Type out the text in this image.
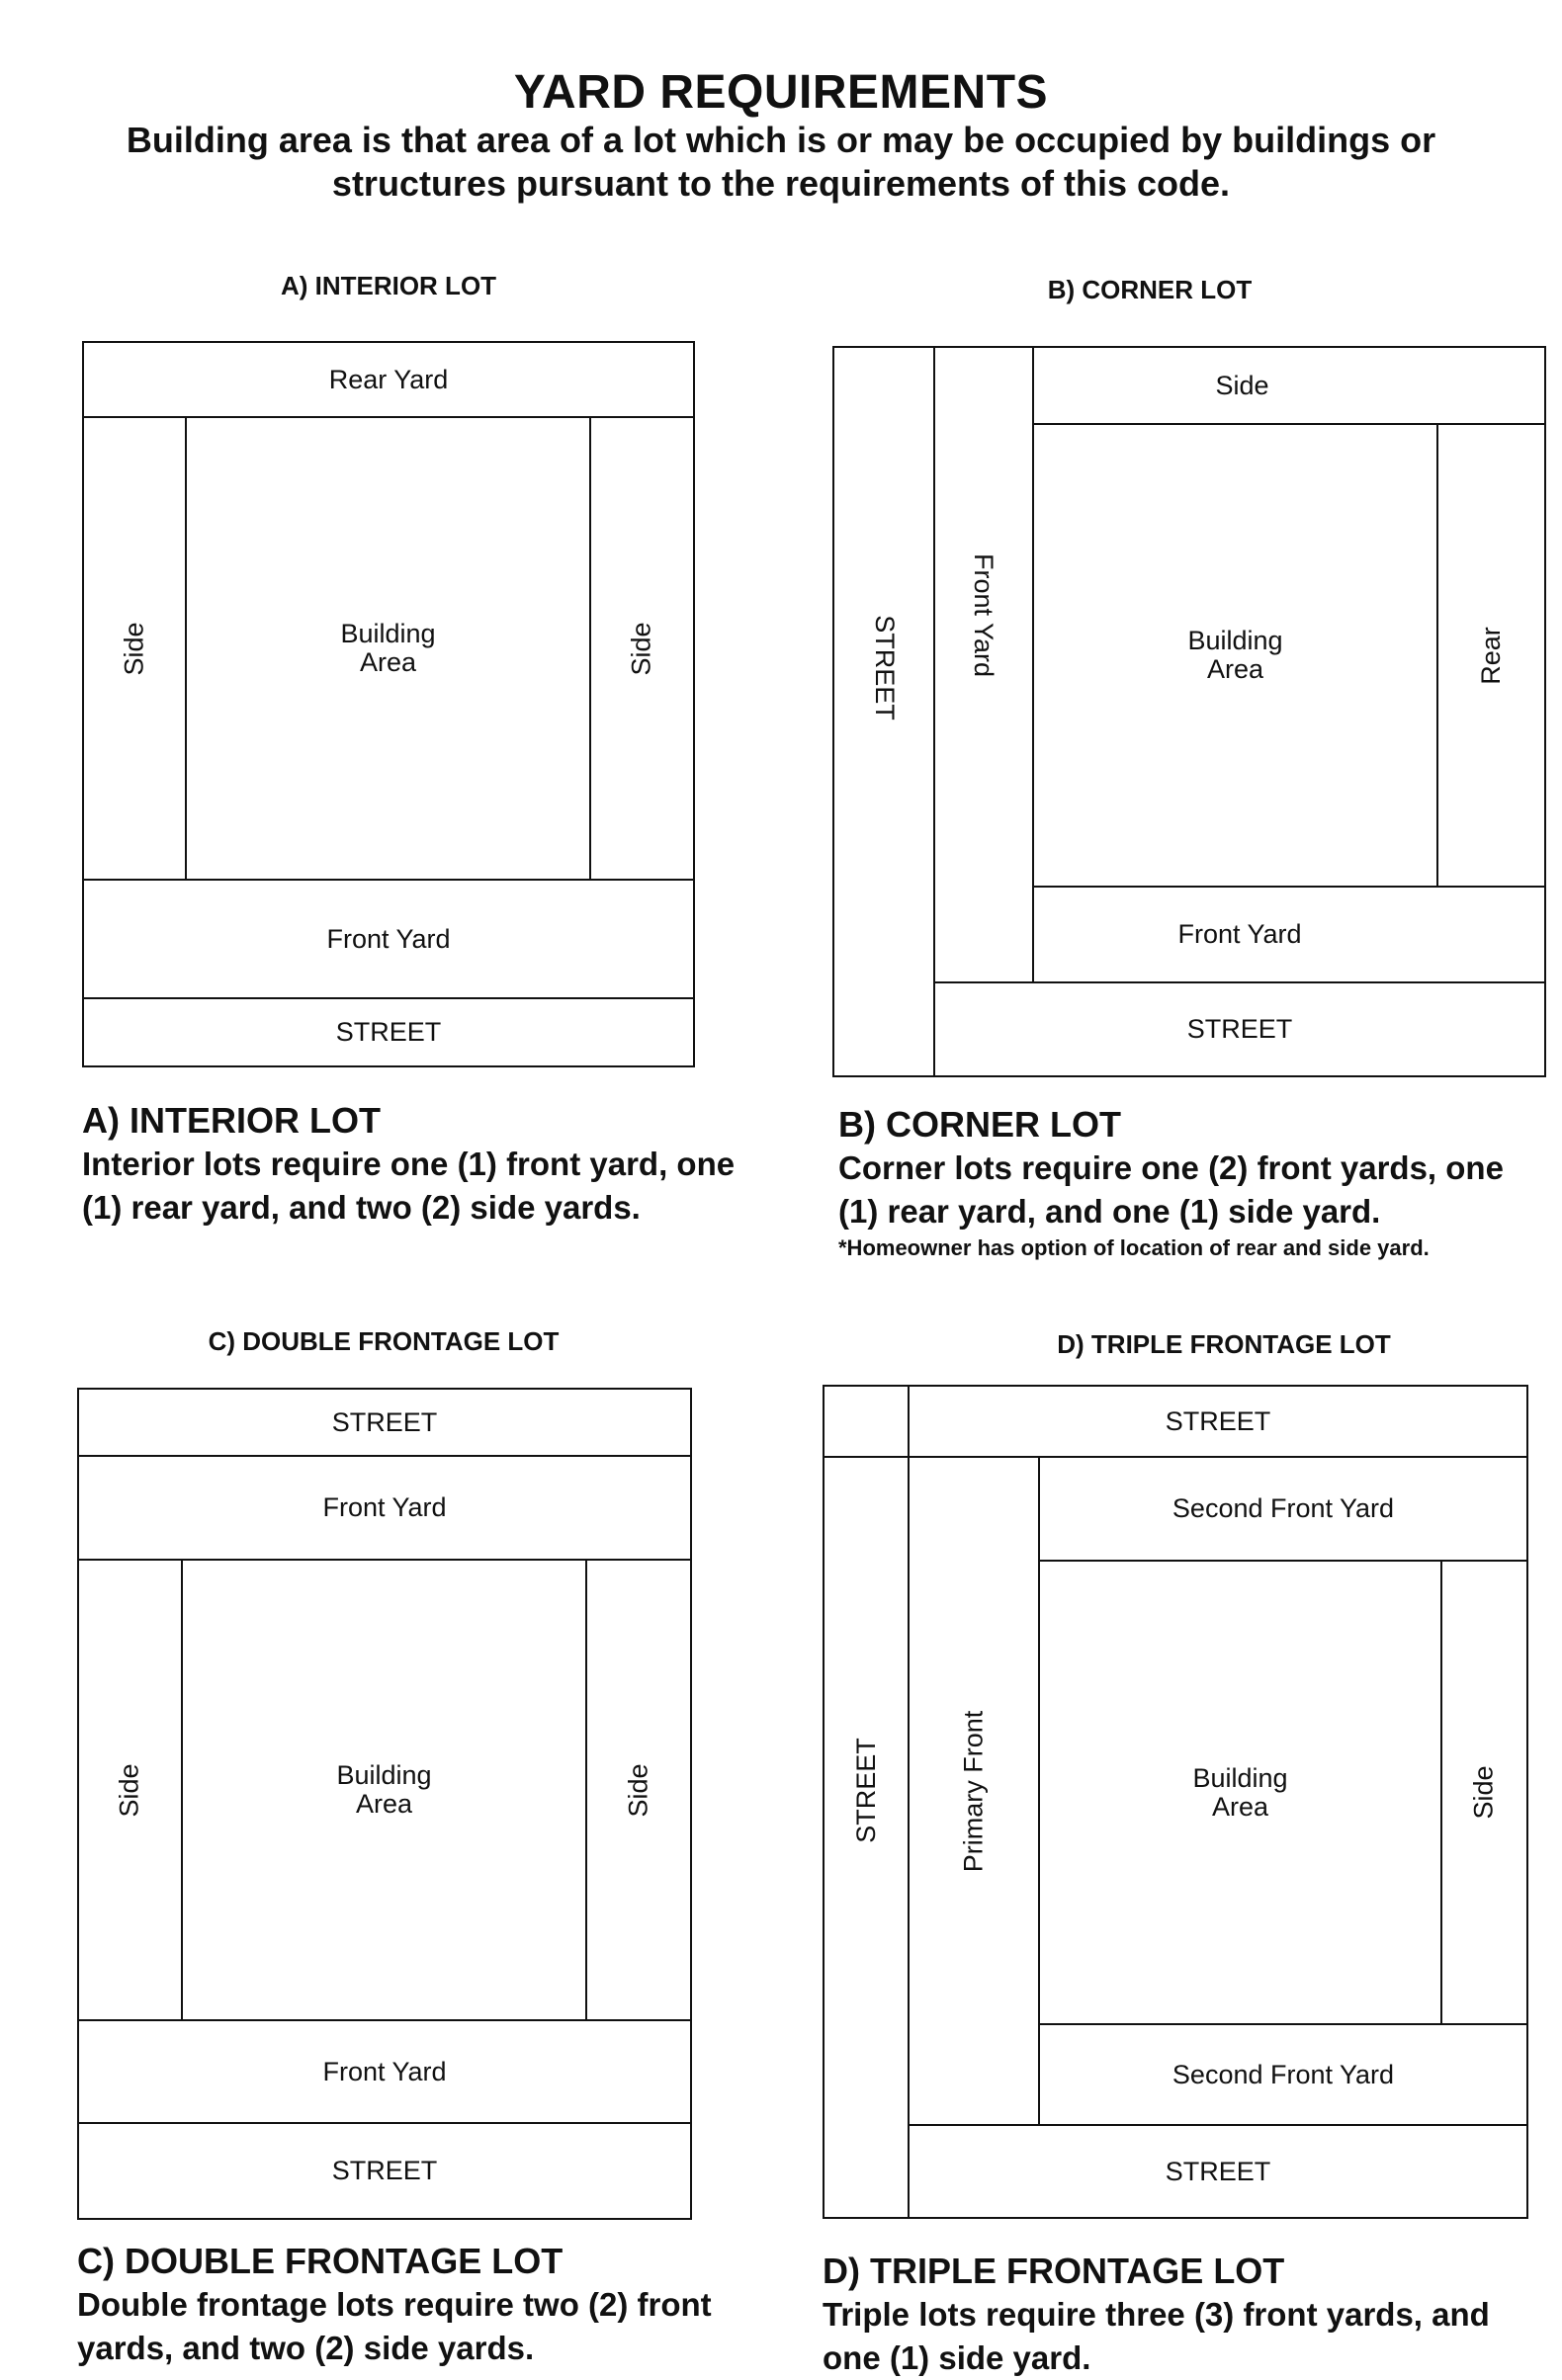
YARD REQUIREMENTS
Building area is that area of a lot which is or may be occupied by buildings or structures pursuant to the requirements of this code.
A) INTERIOR LOT
Rear Yard
Side	Building
Area	Side
Front Yard
STREET
A) INTERIOR LOT
Interior lots require one (1) front yard, one (1) rear yard, and two (2) side yards.
B) CORNER LOT
STREET	Front Yard
Side
Building
Area	Rear
Front Yard
STREET
B) CORNER LOT
Corner lots require one (2) front yards, one (1) rear yard, and one (1) side yard.
*Homeowner has option of location of rear and side yard.
C) DOUBLE FRONTAGE LOT
STREET
Front Yard
Side	Building
Area	Side
Front Yard
STREET
C) DOUBLE FRONTAGE LOT
Double frontage lots require two (2) front yards, and two (2) side yards.
D) TRIPLE FRONTAGE LOT
STREET
STREET	Primary Front
Second Front Yard
Building
Area	Side
Second Front Yard
STREET
D) TRIPLE FRONTAGE LOT
Triple lots require three (3) front yards, and one (1) side yard.
